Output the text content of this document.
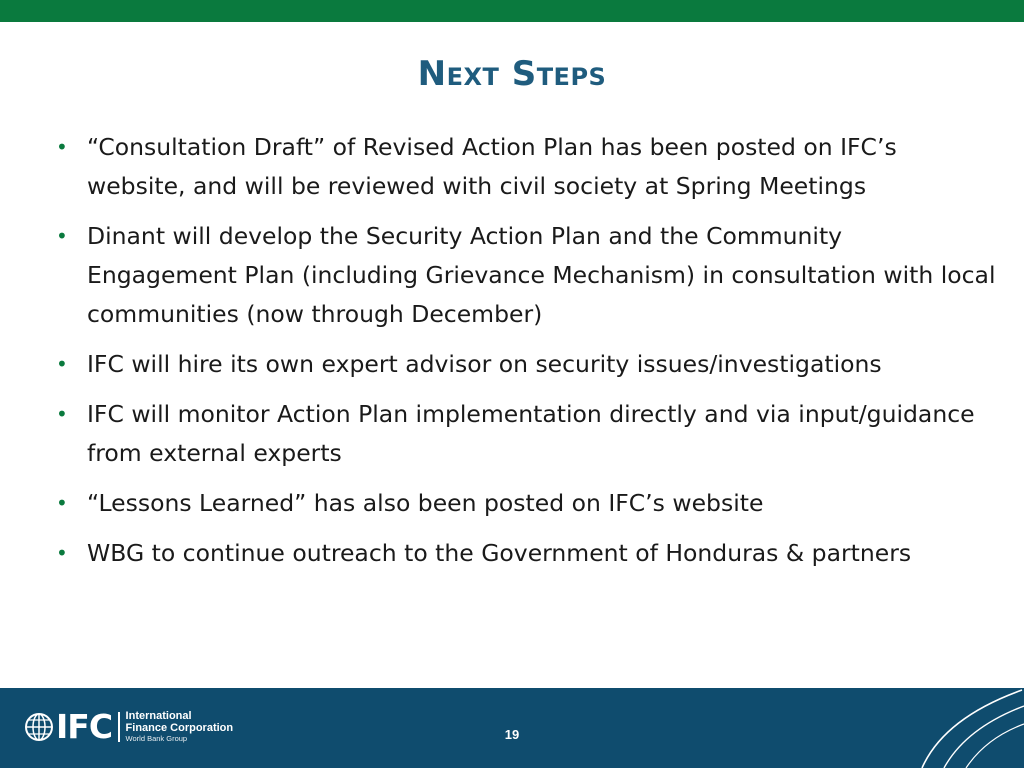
Next Steps
• “Consultation Draft” of Revised Action Plan has been posted on IFC’s website, and will be reviewed with civil society at Spring Meetings
• Dinant will develop the Security Action Plan and the Community Engagement Plan (including Grievance Mechanism) in consultation with local communities (now through December)
• IFC will hire its own expert advisor on security issues/investigations
• IFC will monitor Action Plan implementation directly and via input/guidance from external experts
• “Lessons Learned” has also been posted on IFC’s website
• WBG to continue outreach to the Government of Honduras & partners
IFC International
Finance Corporation
World Bank Group	19
